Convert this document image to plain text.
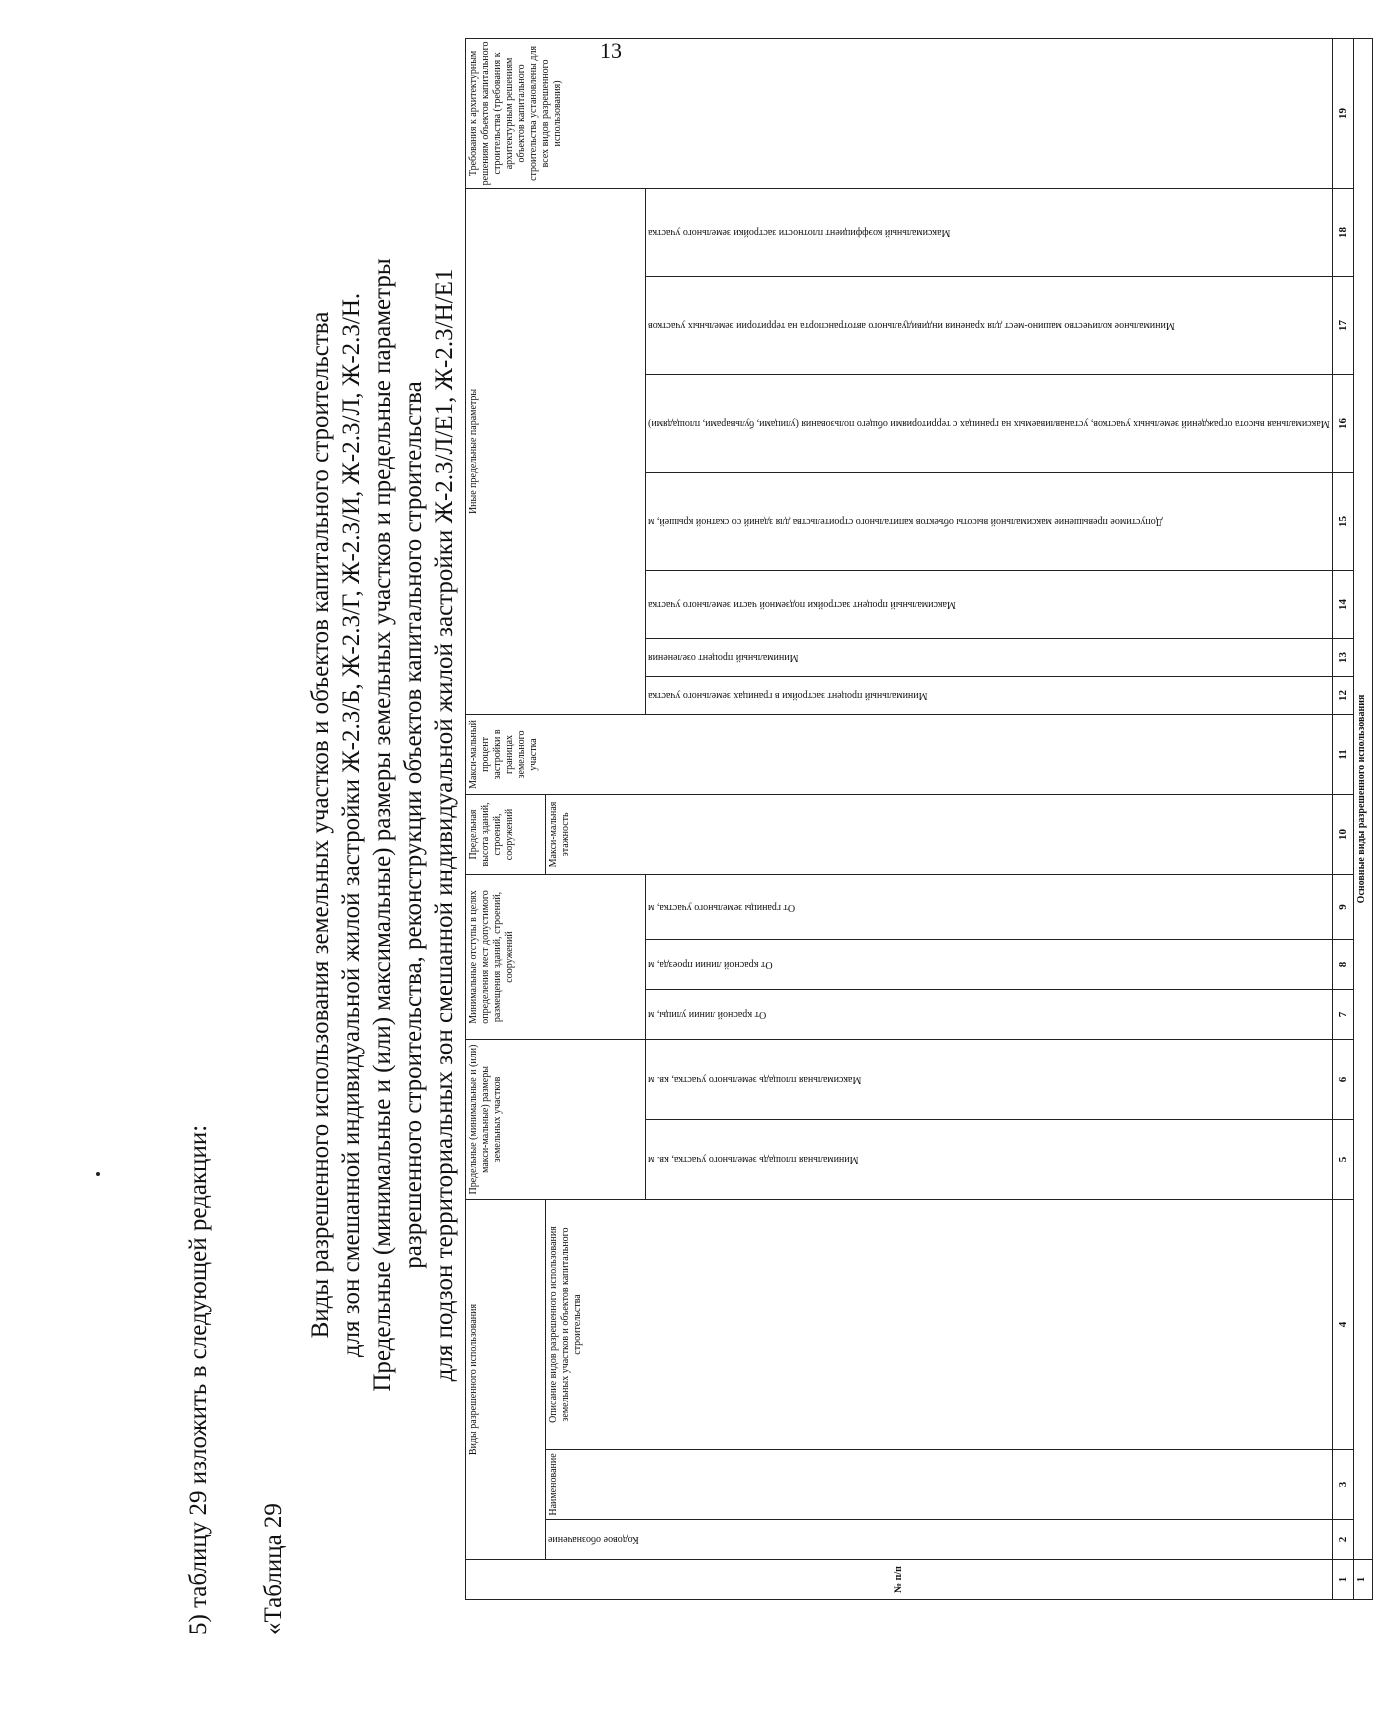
13
5) таблицу 29 изложить в следующей редакции: «Таблица 29
Виды разрешенного использования земельных участков и объектов капитального строительства для зон смешанной индивидуальной жилой застройки Ж-2.3/Б, Ж-2.3/Г, Ж-2.3/И, Ж-2.3/Л, Ж-2.3/Н. Предельные (минимальные и (или) максимальные) размеры земельных участков и предельные параметры разрешенного строительства, реконструкции объектов капитального строительства для подзон территориальных зон смешанной индивидуальной жилой застройки Ж-2.3/Л/Е1, Ж-2.3/Н/Е1
№ п/п	Виды разрешенного использования			Предельные (минимальные и (или) макси-мальные) размеры земельных участков		Минимальные отступы в целях определения мест допустимого размещения зданий, строений, сооружений			Предельная высота зданий, строений, сооружений	Макси-мальный процент застройки в границах земельного участка	Иные предельные параметры							Требования к архитектурным решениям объектов капитального строительства (требования к архитектурным решениям объектов капитального строительства установлены для всех видов разрешенного использования)

	Кодовое обозначение	Наименование	Описание видов разрешенного использования земельных участков и объектов капитального строительства						Макси-мальная этажность									

				Минимальная площадь земельного участка, кв. м	Максимальная площадь земельного участка, кв. м	От красной линии улицы, м	От красной линии проезда, м	От границы земельного участка, м			Минимальный процент застройки в границах земельного участка	Минимальный процент озеленения	Максимальный процент застройки подземной части земельного участка	Допустимое превышение максимальной высоты объектов капитального строительства для зданий со скатной крышей, м	Максимальная высота ограждений земельных участков, устанавливаемых на границах с территориями общего пользования (улицами, бульварами, площадями)	Минимальное количество машино-мест для хранения индивидуального автотранспорта на территории земельных участков	Максимальный коэффициент плотности застройки земельного участка	

1	2	3	4	5	6	7	8	9	10	11	12	13	14	15	16	17	18	19
1	Основные виды разрешенного использования																	
